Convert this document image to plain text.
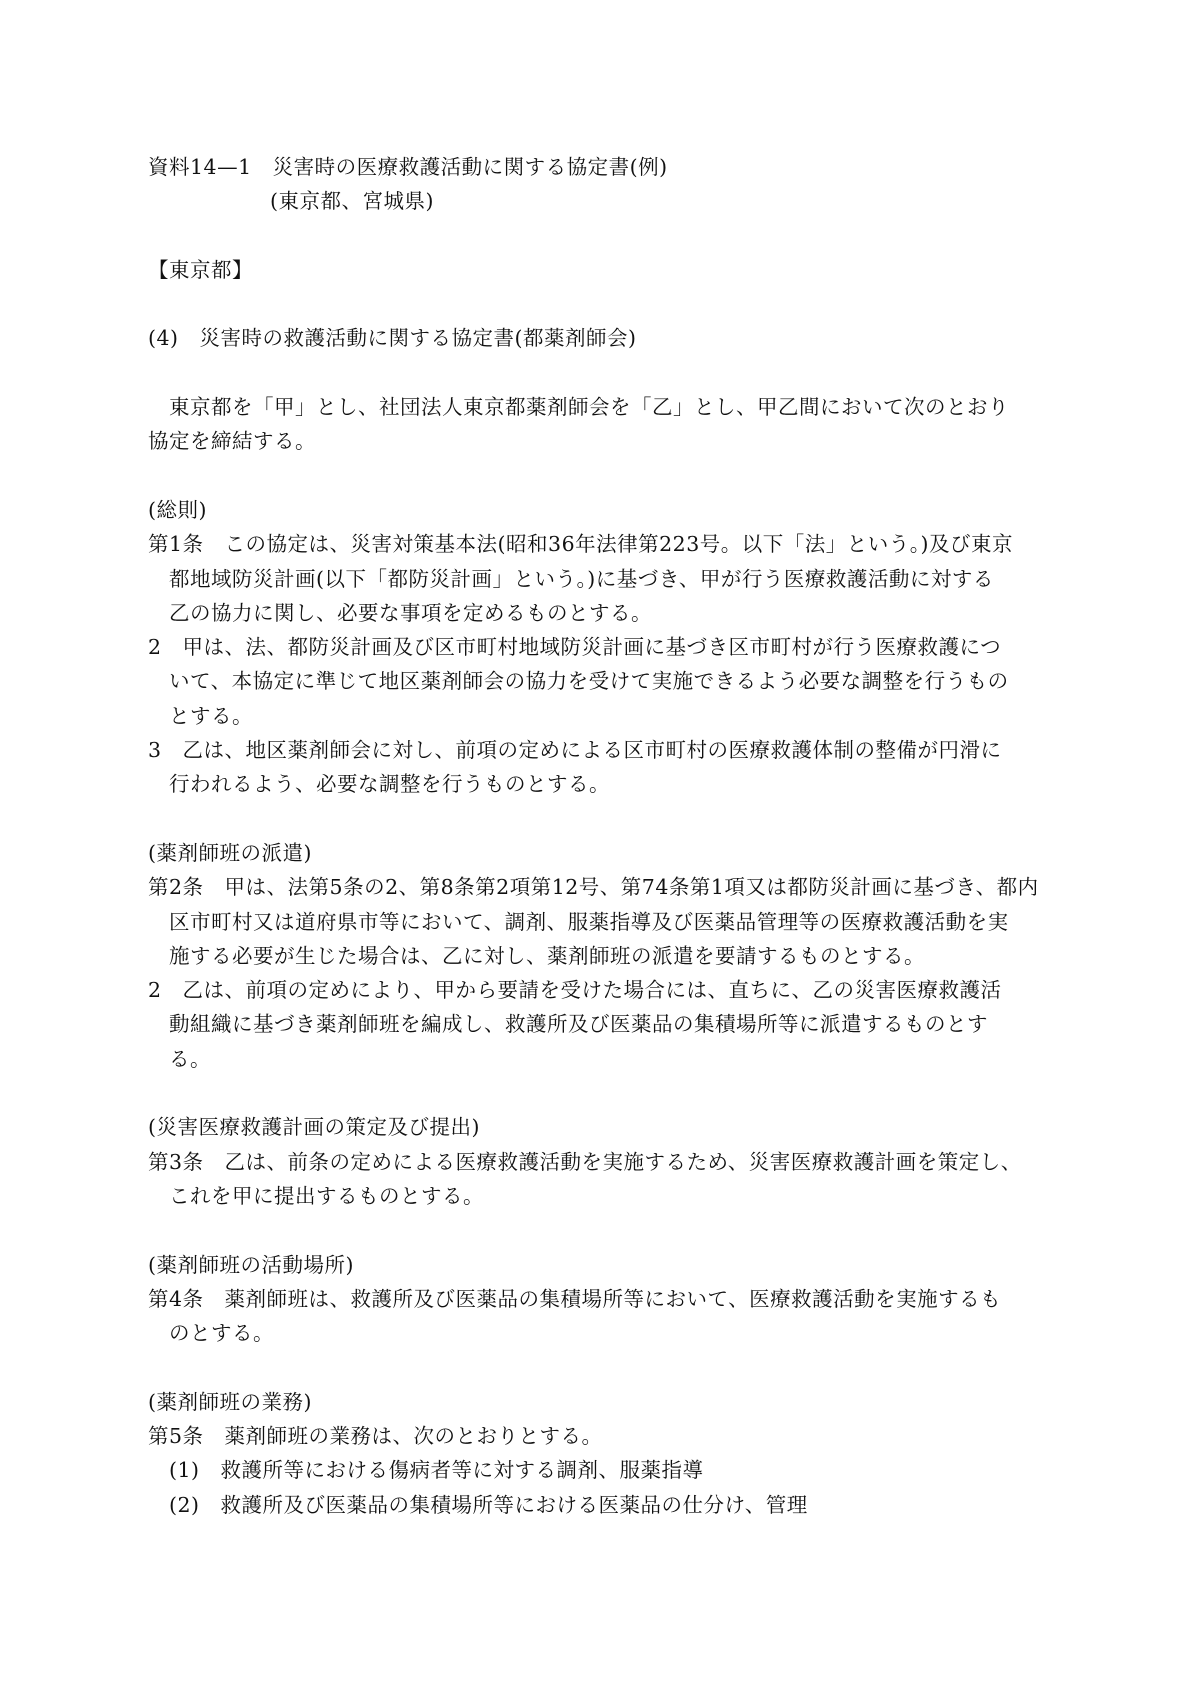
資料14—1　災害時の医療救護活動に関する協定書(例)
(東京都、宮城県)
【東京都】
(4)　災害時の救護活動に関する協定書(都薬剤師会)
　東京都を「甲」とし、社団法人東京都薬剤師会を「乙」とし、甲乙間において次のとおり
協定を締結する。
(総則)
第1条　この協定は、災害対策基本法(昭和36年法律第223号。以下「法」という。)及び東京
　都地域防災計画(以下「都防災計画」という。)に基づき、甲が行う医療救護活動に対する
　乙の協力に関し、必要な事項を定めるものとする。
2　甲は、法、都防災計画及び区市町村地域防災計画に基づき区市町村が行う医療救護につ
　いて、本協定に準じて地区薬剤師会の協力を受けて実施できるよう必要な調整を行うもの
　とする。
3　乙は、地区薬剤師会に対し、前項の定めによる区市町村の医療救護体制の整備が円滑に
　行われるよう、必要な調整を行うものとする。
(薬剤師班の派遣)
第2条　甲は、法第5条の2、第8条第2項第12号、第74条第1項又は都防災計画に基づき、都内
　区市町村又は道府県市等において、調剤、服薬指導及び医薬品管理等の医療救護活動を実
　施する必要が生じた場合は、乙に対し、薬剤師班の派遣を要請するものとする。
2　乙は、前項の定めにより、甲から要請を受けた場合には、直ちに、乙の災害医療救護活
　動組織に基づき薬剤師班を編成し、救護所及び医薬品の集積場所等に派遣するものとす
　る。
(災害医療救護計画の策定及び提出)
第3条　乙は、前条の定めによる医療救護活動を実施するため、災害医療救護計画を策定し、
　これを甲に提出するものとする。
(薬剤師班の活動場所)
第4条　薬剤師班は、救護所及び医薬品の集積場所等において、医療救護活動を実施するも
　のとする。
(薬剤師班の業務)
第5条　薬剤師班の業務は、次のとおりとする。
　(1)　救護所等における傷病者等に対する調剤、服薬指導
　(2)　救護所及び医薬品の集積場所等における医薬品の仕分け、管理
